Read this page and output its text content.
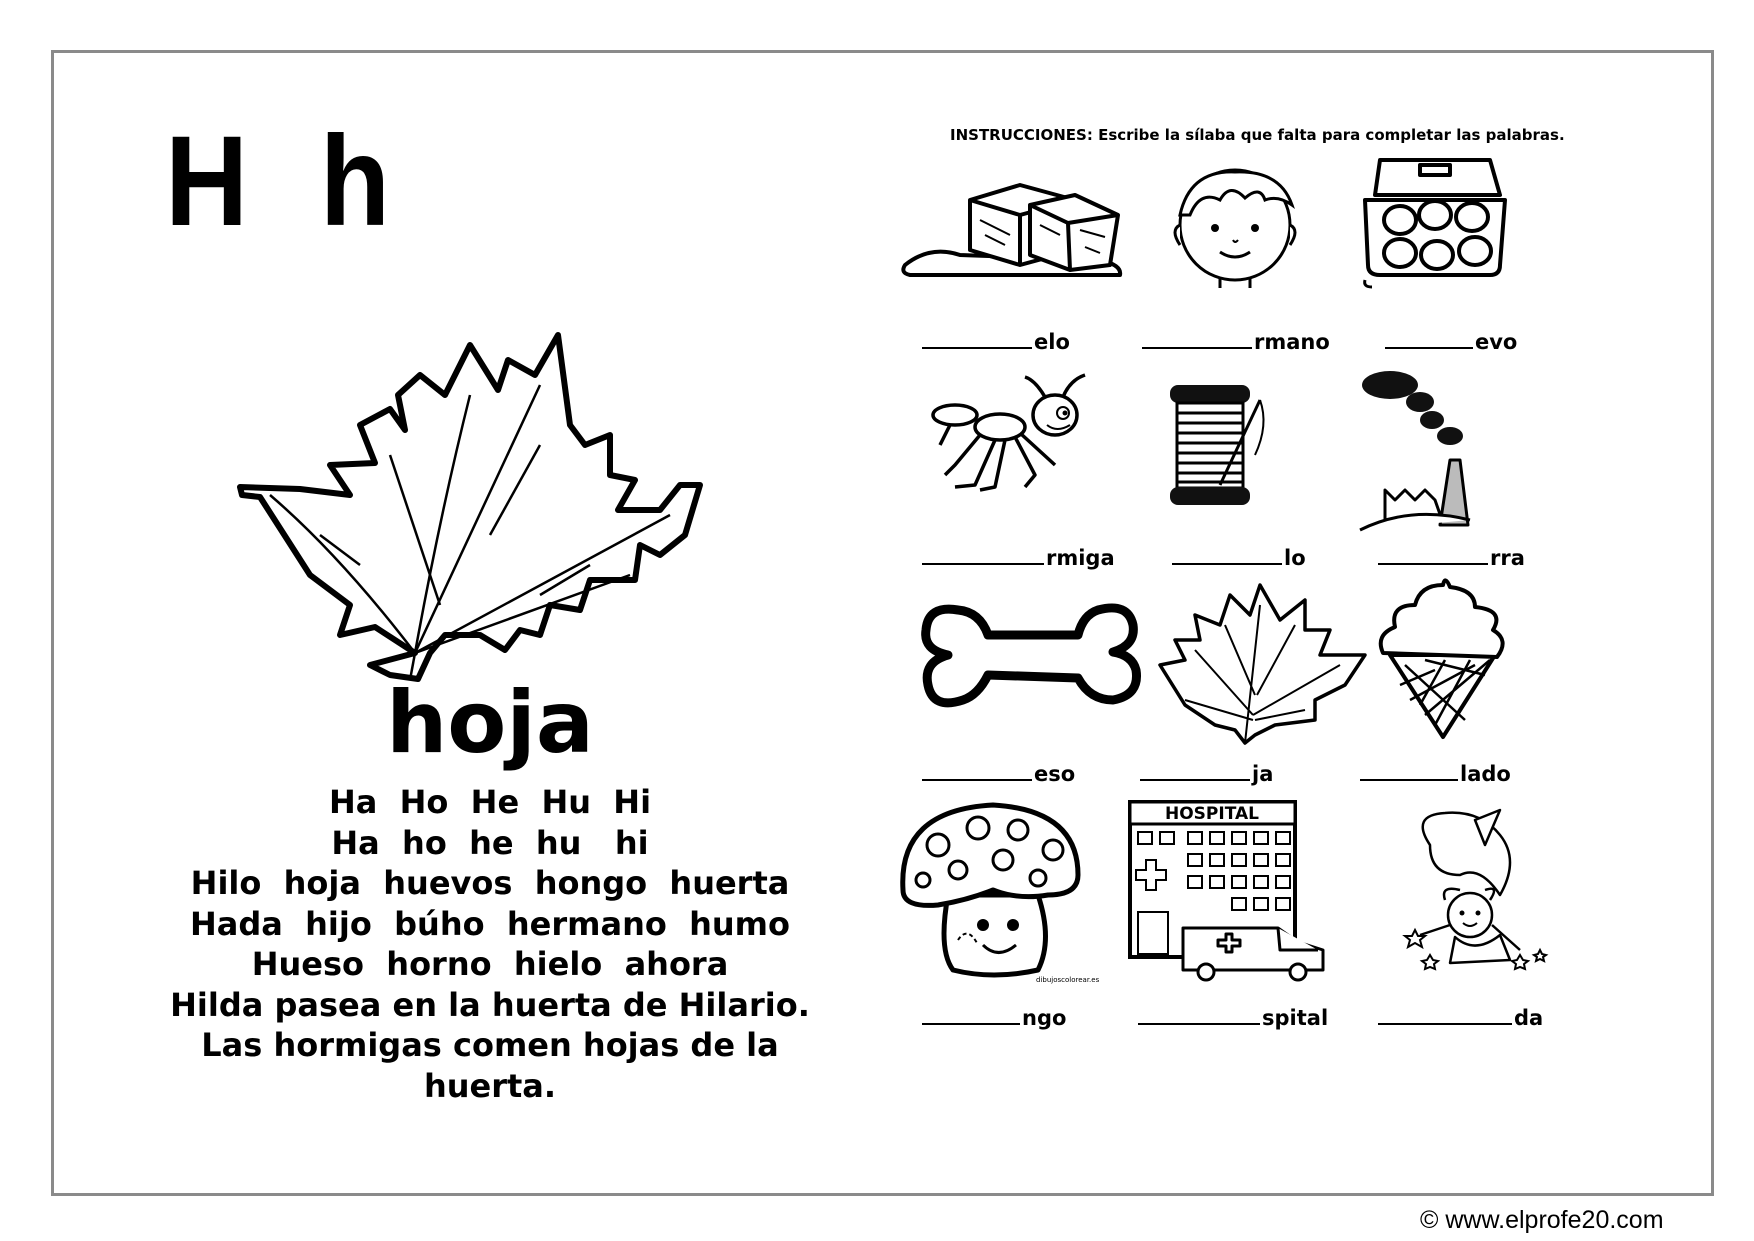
H h
hoja
Ha  Ho  He  Hu  Hi
Ha  ho  he  hu   hi
Hilo  hoja  huevos  hongo  huerta
Hada  hijo  búho  hermano  humo
Hueso  horno  hielo  ahora
Hilda pasea en la huerta de Hilario.
Las hormigas comen hojas de la
huerta.
INSTRUCCIONES: Escribe la sílaba que falta para completar las palabras.
elo	rmano	evo
rmiga	lo	rra
eso	ja	lado
dibujoscolorear.es
HOSPITAL
ngo	spital	da
© www.elprofe20.com
